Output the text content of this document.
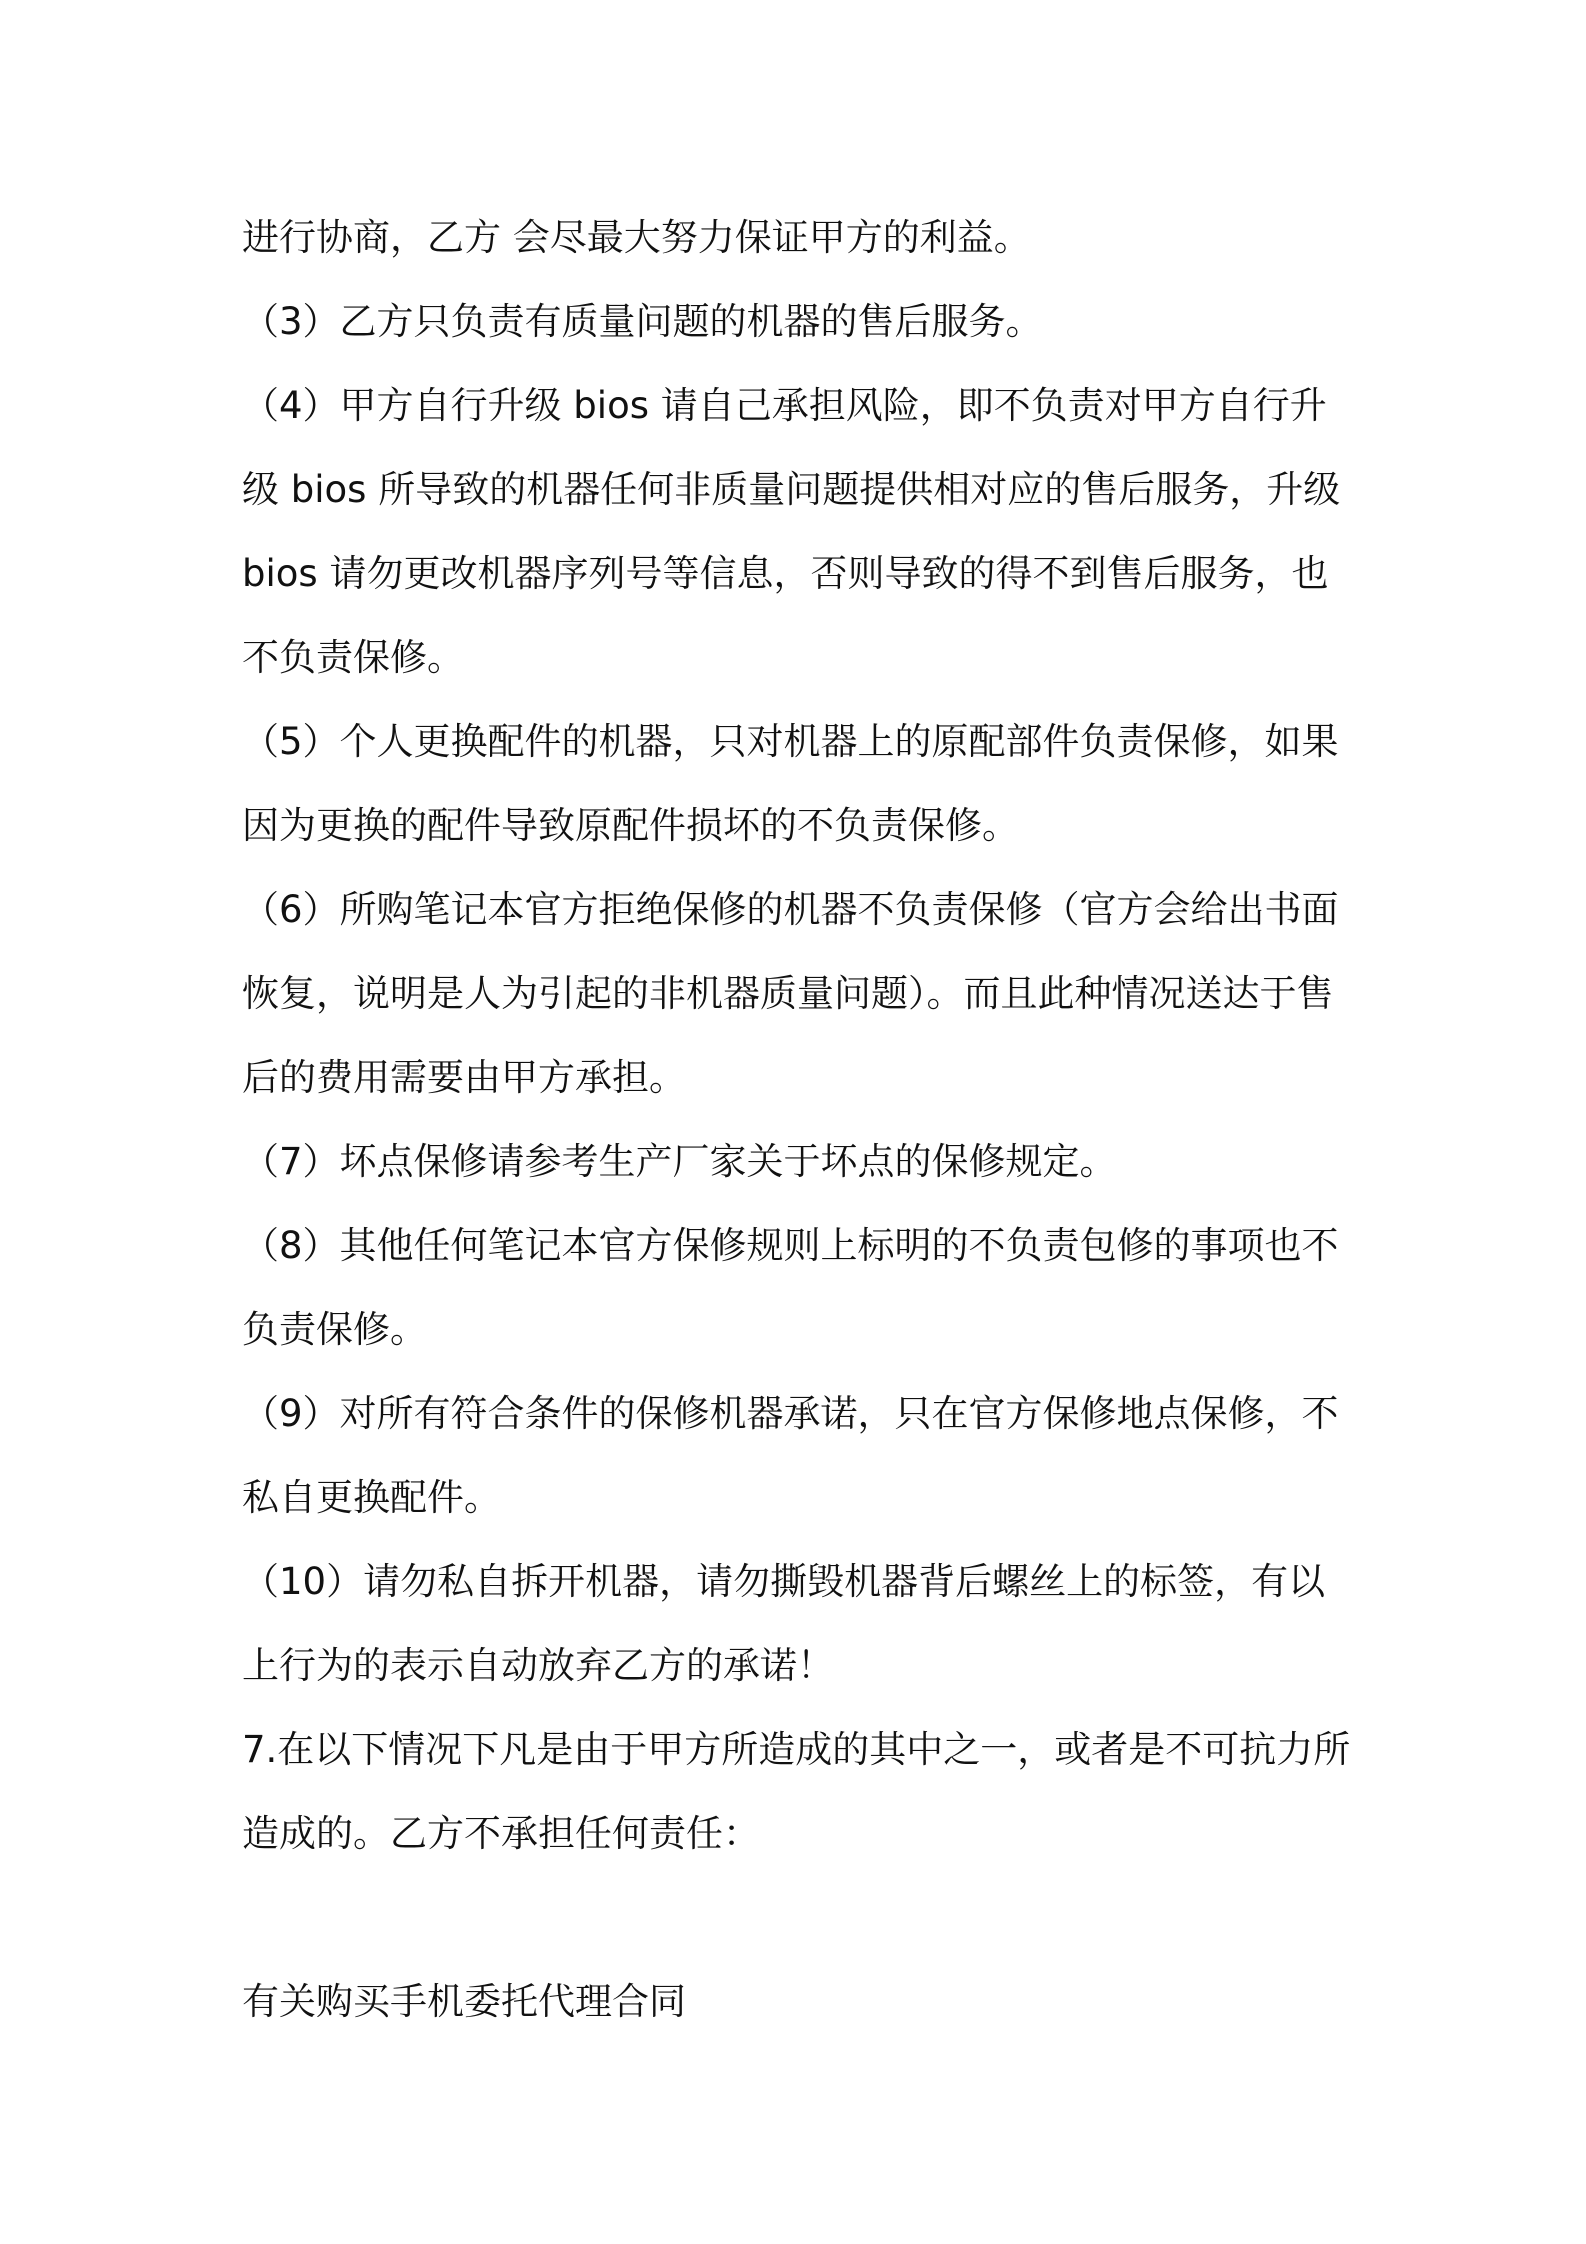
进行协商，乙方 会尽最大努力保证甲方的利益。

（3）乙方只负责有质量问题的机器的售后服务。

（4）甲方自行升级 bios 请自己承担风险，即不负责对甲方自行升级 bios 所导致的机器任何非质量问题提供相对应的售后服务，升级 bios 请勿更改机器序列号等信息，否则导致的得不到售后服务，也不负责保修。

（5）个人更换配件的机器，只对机器上的原配部件负责保修，如果因为更换的配件导致原配件损坏的不负责保修。

（6）所购笔记本官方拒绝保修的机器不负责保修（官方会给出书面恢复，说明是人为引起的非机器质量问题）。而且此种情况送达于售后的费用需要由甲方承担。

（7）坏点保修请参考生产厂家关于坏点的保修规定。

（8）其他任何笔记本官方保修规则上标明的不负责包修的事项也不负责保修。

（9）对所有符合条件的保修机器承诺，只在官方保修地点保修，不私自更换配件。

（10）请勿私自拆开机器，请勿撕毁机器背后螺丝上的标签，有以上行为的表示自动放弃乙方的承诺！

7.在以下情况下凡是由于甲方所造成的其中之一，或者是不可抗力所造成的。乙方不承担任何责任：

有关购买手机委托代理合同
